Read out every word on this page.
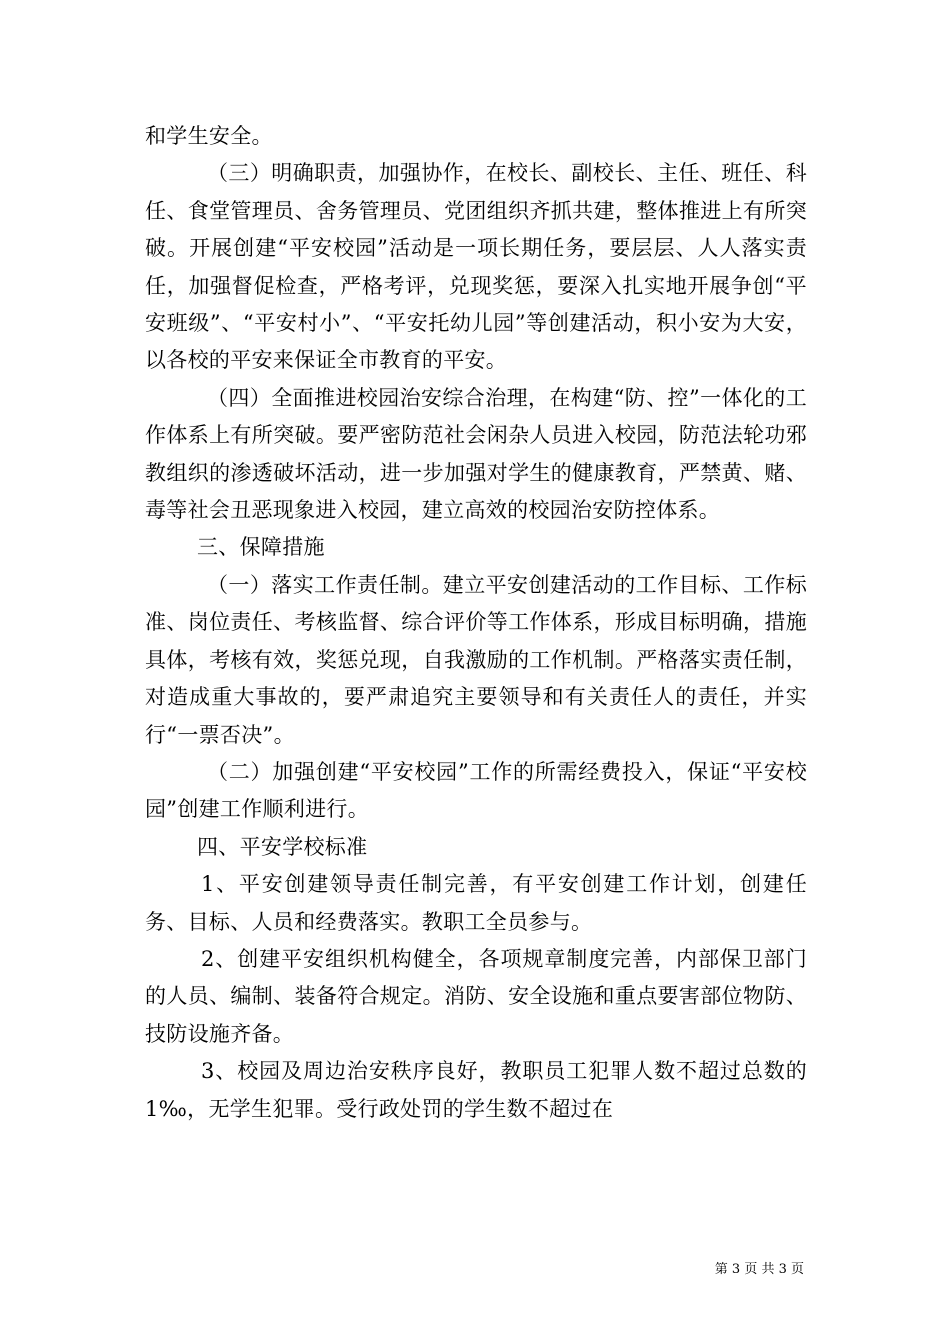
和学生安全。

（三）明确职责，加强协作，在校长、副校长、主任、班任、科任、食堂管理员、舍务管理员、党团组织齐抓共建，整体推进上有所突破。开展创建“平安校园”活动是一项长期任务，要层层、人人落实责任，加强督促检查，严格考评，兑现奖惩，要深入扎实地开展争创“平安班级”、“平安村小”、“平安托幼儿园”等创建活动，积小安为大安，以各校的平安来保证全市教育的平安。

（四）全面推进校园治安综合治理，在构建“防、控”一体化的工作体系上有所突破。要严密防范社会闲杂人员进入校园，防范法轮功邪教组织的渗透破坏活动，进一步加强对学生的健康教育，严禁黄、赌、毒等社会丑恶现象进入校园，建立高效的校园治安防控体系。

三、保障措施

（一）落实工作责任制。建立平安创建活动的工作目标、工作标准、岗位责任、考核监督、综合评价等工作体系，形成目标明确，措施具体，考核有效，奖惩兑现，自我激励的工作机制。严格落实责任制，对造成重大事故的，要严肃追究主要领导和有关责任人的责任，并实行“一票否决”。

（二）加强创建“平安校园”工作的所需经费投入，保证“平安校园”创建工作顺利进行。

四、平安学校标准

1、平安创建领导责任制完善，有平安创建工作计划，创建任务、目标、人员和经费落实。教职工全员参与。

2、创建平安组织机构健全，各项规章制度完善，内部保卫部门的人员、编制、装备符合规定。消防、安全设施和重点要害部位物防、技防设施齐备。

3、校园及周边治安秩序良好，教职员工犯罪人数不超过总数的1‰，无学生犯罪。受行政处罚的学生数不超过在

第 3 页 共 3 页
